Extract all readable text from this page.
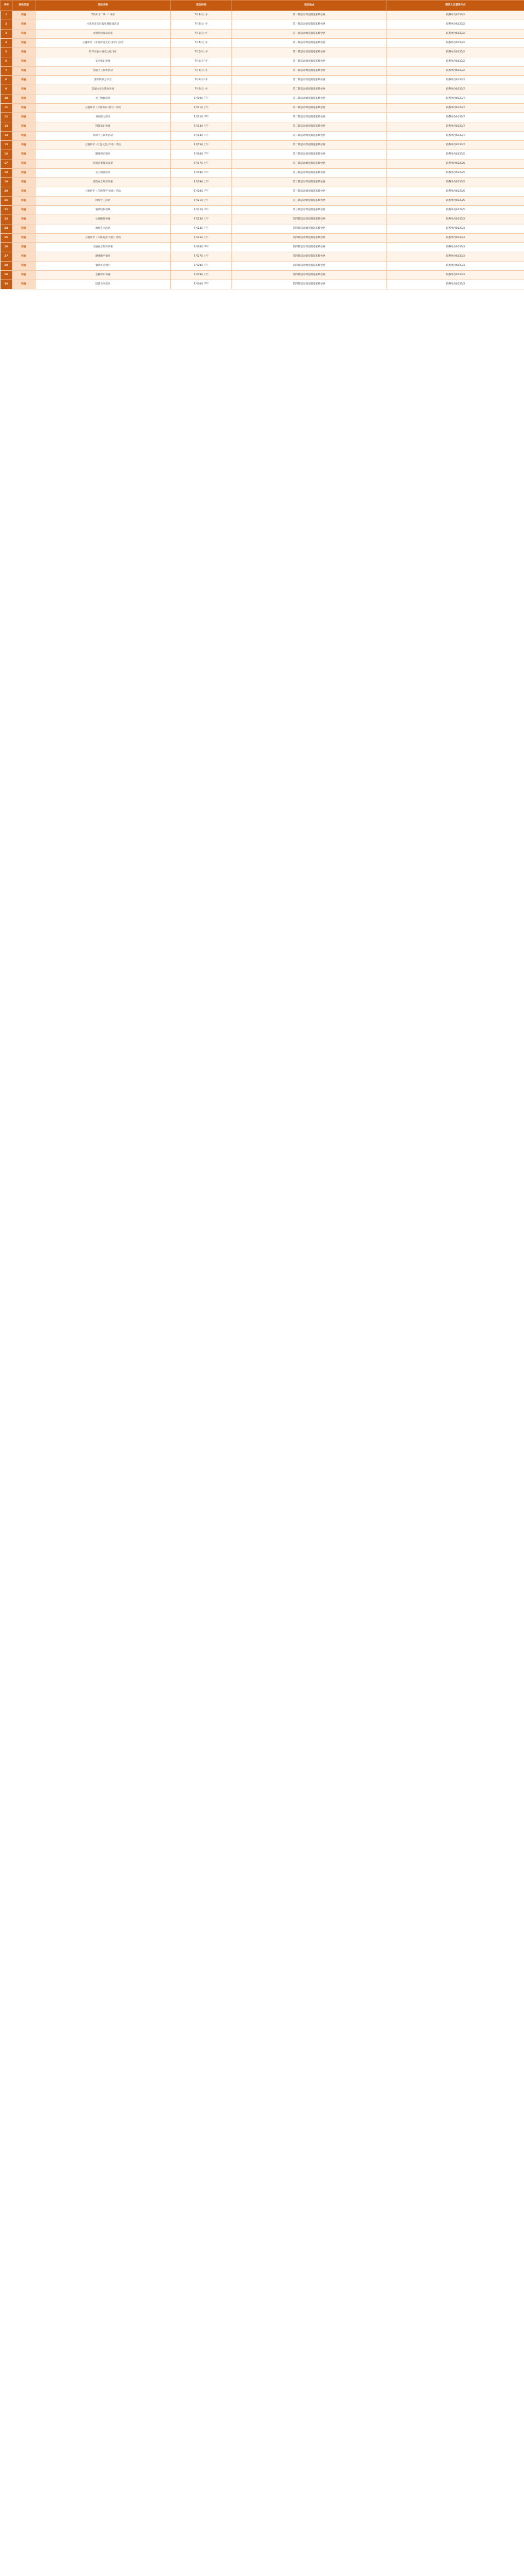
序号	活动类型	活动名称	活动时间	活动地点	联系人及联系方式
1	讲座	节约用水 “从一” 开始	7月1日上午	第一期活动课室街道长岭社区	联系单位0123/2
2	讲座	垃圾分类与垃圾处理健康活动	7月2日上午	第一期活动课室街道长岭社区	联系单位0123/2
3	讲座	文明用语知识讲座	7月3日上午	第一期活动课室街道长岭社区	联系单位0123/2
4	讲座	主题研学《中国传统文化·国学》活动	7月4日上午	第一期活动课室街道长岭社区	联系单位0123/2
5	讲座	科学实验小课堂之纸飞机	7月5日上午	第一期活动课室街道长岭社区	联系单位0123/2
6	讲座	安全知识讲座	7月6日下午	第一期活动课室街道长岭社区	联系单位0123/2
7	讲座	创意手工制作活动	7月7日上午	第一期活动课室街道长岭社区	联系单位0123/2
8	讲座	暑期阅读分享会	7月8日下午	第二期活动课室街道长岭社区	联系单位0123/7
9	讲座	防溺水安全教育讲座	7月9日上午	第二期活动课室街道长岭社区	联系单位0123/7
10	讲座	亲子绘画活动	7月10日下午	第二期活动课室街道长岭社区	联系单位0123/7
11	讲座	主题研学《传统节日·端午》活动	7月11日上午	第二期活动课室街道长岭社区	联系单位0123/7
12	讲座	书法练习活动	7月12日下午	第二期活动课室街道长岭社区	联系单位0123/7
13	讲座	科普知识讲座	7月13日上午	第二期活动课室街道长岭社区	联系单位0123/7
14	讲座	环保手工制作活动	7月14日下午	第二期活动课室街道长岭社区	联系单位0123/7
15	讲座	主题研学《红色文化·传承》活动	7月15日上午	第二期活动课室街道长岭社区	联系单位0123/7
16	讲座	趣味英语课堂	7月16日下午	第三期活动课室街道长岭社区	联系单位0123/5
17	讲座	垃圾分类知识竞赛	7月17日上午	第三期活动课室街道长岭社区	联系单位0123/5
18	讲座	亲子阅读活动	7月18日下午	第三期活动课室街道长岭社区	联系单位0123/5
19	讲座	消防安全知识讲座	7月19日上午	第三期活动课室街道长岭社区	联系单位0123/5
20	讲座	主题研学《自然科学·探索》活动	7月20日下午	第三期活动课室街道长岭社区	联系单位0123/5
21	讲座	折纸手工活动	7月21日上午	第三期活动课室街道长岭社区	联系单位0123/5
22	讲座	暑期电影放映	7月22日下午	第三期活动课室街道长岭社区	联系单位0123/5
23	讲座	心理健康讲座	7月23日上午	第四期活动课室街道长岭社区	联系单位0123/3
24	讲座	剪纸艺术活动	7月24日下午	第四期活动课室街道长岭社区	联系单位0123/3
25	讲座	主题研学《传统美食·体验》活动	7月25日上午	第四期活动课室街道长岭社区	联系单位0123/3
26	讲座	交通安全知识讲座	7月26日下午	第四期活动课室街道长岭社区	联系单位0123/3
27	讲座	趣味数学课堂	7月27日上午	第四期活动课室街道长岭社区	联系单位0123/3
28	讲座	暑期才艺展示	7月28日下午	第四期活动课室街道长岭社区	联系单位0123/3
29	讲座	急救知识讲座	7月29日上午	第四期活动课室街道长岭社区	联系单位0123/3
30	讲座	结营分享活动	7月30日下午	第四期活动课室街道长岭社区	联系单位0123/3
